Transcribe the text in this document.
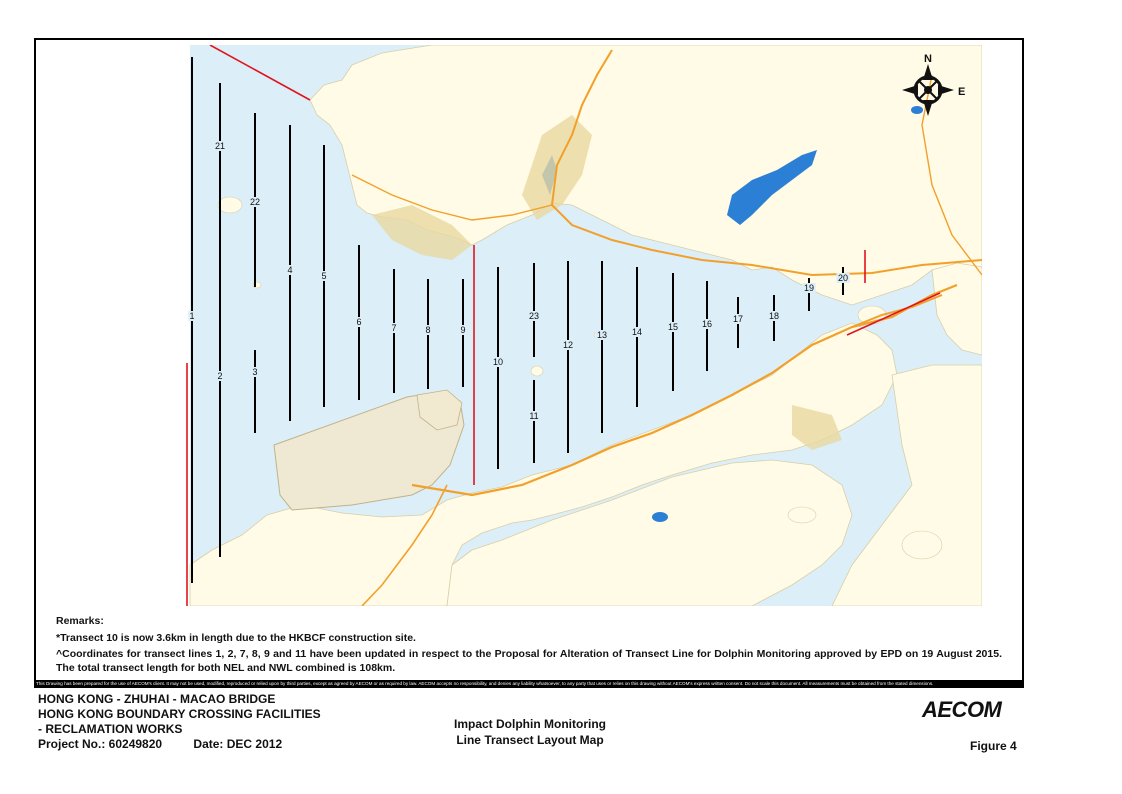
1
2	3
4
5
6
7	8	9
10
11
12
13	14	15	16 17	18
19
20
21
22
23
N
E

Remarks:

*Transect 10 is now 3.6km in length due to the HKBCF construction site.

^Coordinates for transect lines 1, 2, 7, 8, 9 and 11 have been updated in respect to the Proposal for Alteration of Transect Line for Dolphin Monitoring approved by EPD on 19 August 2015. The total transect length for both NEL and NWL combined is 108km.

This Drawing has been prepared for the use of AECOM's client. It may not be used, modified, reproduced or relied upon by third parties, except as agreed by AECOM or as required by law. AECOM accepts no responsibility, and denies any liability whatsoever, to any party that uses or relies on this drawing without AECOM's express written consent. Do not scale this document. All measurements must be obtained from the stated dimensions.
HONG KONG - ZHUHAI - MACAO BRIDGE
HONG KONG BOUNDARY CROSSING FACILITIES
- RECLAMATION WORKS
Project No.: 60249820	Date: DEC 2012
Impact Dolphin Monitoring
Line Transect Layout Map
AECOM
Figure 4
